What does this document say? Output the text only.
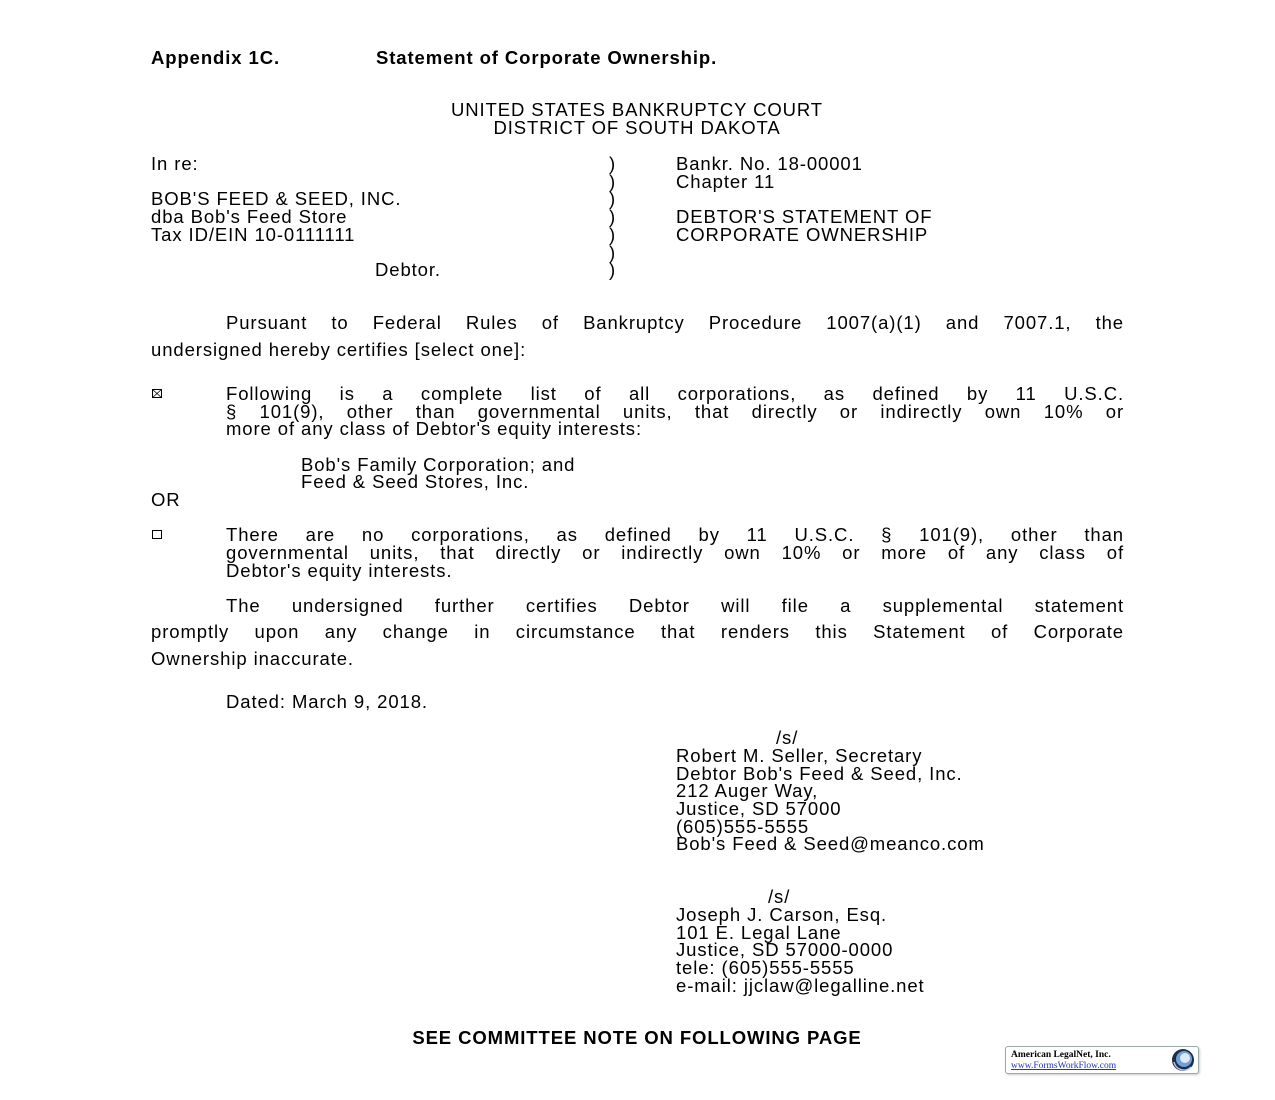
Appendix 1C.	Statement of Corporate Ownership.
UNITED STATES BANKRUPTCY COURT
DISTRICT OF SOUTH DAKOTA
In re:
BOB'S FEED & SEED, INC.
dba Bob's Feed Store
Tax ID/EIN 10-0111111
Debtor.
)
)
)
)
)
)
)
Bankr. No. 18-00001
Chapter 11
DEBTOR'S STATEMENT OF
CORPORATE OWNERSHIP
Pursuant to Federal Rules of Bankruptcy Procedure 1007(a)(1) and 7007.1, the
undersigned hereby certifies [select one]:
Following is a complete list of all corporations, as defined by 11 U.S.C.
§ 101(9), other than governmental units, that directly or indirectly own 10% or
more of any class of Debtor's equity interests:
Bob's Family Corporation; and
Feed & Seed Stores, Inc.
OR
There are no corporations, as defined by 11 U.S.C. § 101(9), other than
governmental units, that directly or indirectly own 10% or more of any class of
Debtor's equity interests.
The undersigned further certifies Debtor will file a supplemental statement
promptly upon any change in circumstance that renders this Statement of Corporate
Ownership inaccurate.
Dated: March 9, 2018.
/s/
Robert M. Seller, Secretary
Debtor Bob's Feed & Seed, Inc.
212 Auger Way,
Justice, SD 57000
(605)555-5555
Bob's Feed & Seed@meanco.com
/s/
Joseph J. Carson, Esq.
101 E. Legal Lane
Justice, SD 57000-0000
tele: (605)555-5555
e-mail: jjclaw@legalline.net
SEE COMMITTEE NOTE ON FOLLOWING PAGE
American LegalNet, Inc.
www.FormsWorkFlow.com
